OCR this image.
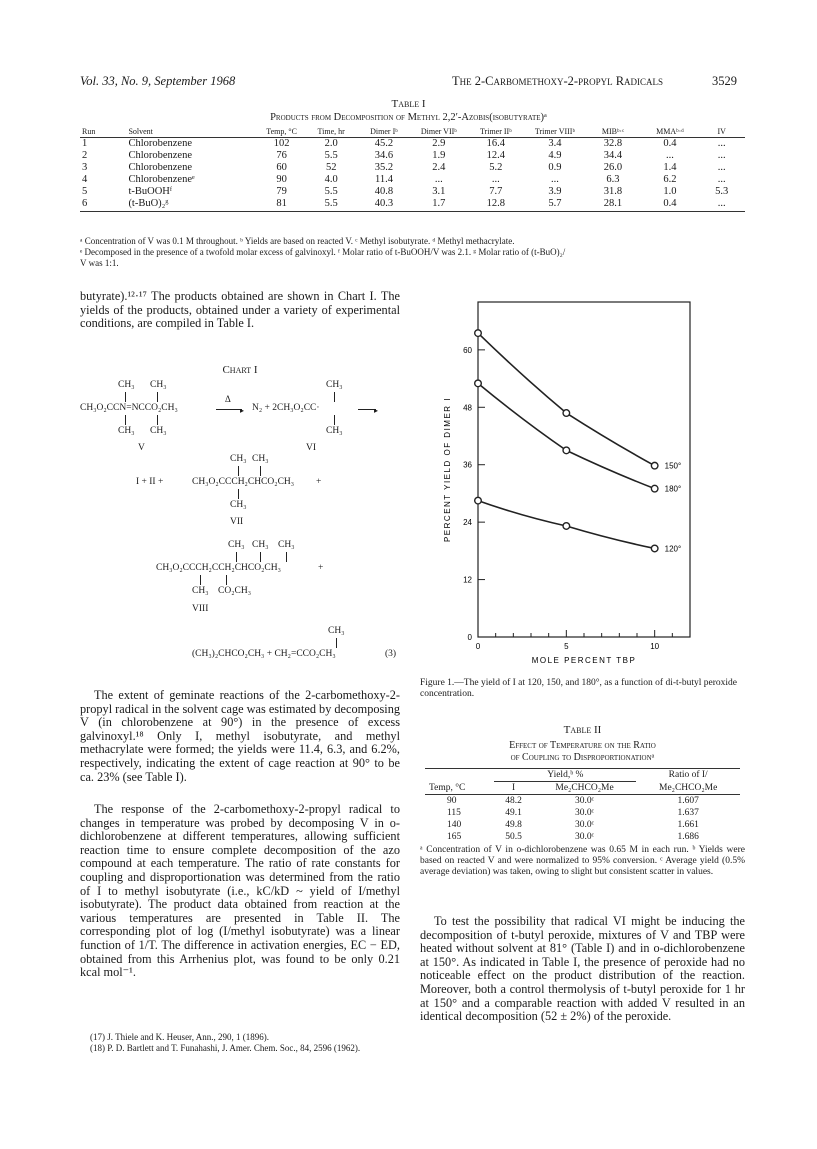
Vol. 33, No. 9, September 1968	The 2-Carbomethoxy-2-propyl Radicals	3529
Table I
Products from Decomposition of Methyl 2,2′-Azobis(isobutyrate)ᵃ
Run	Solvent	Temp, °C	Time, hr	Dimer Iᵇ	Dimer VIIᵇ	Trimer IIᵇ	Trimer VIIIᵇ	MIBᵇ·ᶜ	MMAᵇ·ᵈ	IV

1	Chlorobenzene	102	2.0	45.2	2.9	16.4	3.4	32.8	0.4	...
2	Chlorobenzene	76	5.5	34.6	1.9	12.4	4.9	34.4	...	...
3	Chlorobenzene	60	52	35.2	2.4	5.2	0.9	26.0	1.4	...
4	Chlorobenzeneᵉ	90	4.0	11.4	...	...	...	6.3	6.2	...
5	t-BuOOHᶠ	79	5.5	40.8	3.1	7.7	3.9	31.8	1.0	5.3
6	(t-BuO)₂ᵍ	81	5.5	40.3	1.7	12.8	5.7	28.1	0.4	...

ᵃ Concentration of V was 0.1 M throughout. ᵇ Yields are based on reacted V. ᶜ Methyl isobutyrate. ᵈ Methyl methacrylate.
ᵉ Decomposed in the presence of a twofold molar excess of galvinoxyl. ᶠ Molar ratio of t-BuOOH/V was 2.1. ᵍ Molar ratio of (t-BuO)₂/
V was 1:1.
butyrate).¹²·¹⁷ The products obtained are shown in Chart I. The yields of the products, obtained under a variety of experimental conditions, are compiled in Table I.
Chart I
CH₃ CH₃
CH₃O₂CCN=NCCO₂CH₃
CH₃ CH₃
V
Δ
▸ N₂ + 2CH₃O₂CC·
CH₃
CH₃
VI
▸
CH₃ CH₃
I + II +	CH₃O₂CCCH₂CHCO₂CH₃ +
CH₃
VII
CH₃ CH₃ CH₃
CH₃O₂CCCH₂CCH₂CHCO₂CH₃	+
CH₃ CO₂CH₃
VIII
CH₃
(CH₃)₂CHCO₂CH₃ + CH₂=CCO₂CH₃	(3)
The extent of geminate reactions of the 2-carbomethoxy-2-propyl radical in the solvent cage was estimated by decomposing V (in chlorobenzene at 90°) in the presence of excess galvinoxyl.¹⁸ Only I, methyl isobutyrate, and methyl methacrylate were formed; the yields were 11.4, 6.3, and 6.2%, respectively, indicating the extent of cage reaction at 90° to be ca. 23% (see Table I).
The response of the 2-carbomethoxy-2-propyl radical to changes in temperature was probed by decomposing V in o-dichlorobenzene at different temperatures, allowing sufficient reaction time to ensure complete decomposition of the azo compound at each temperature. The ratio of rate constants for coupling and disproportionation was determined from the ratio of I to methyl isobutyrate (i.e., kC/kD ~ yield of I/methyl isobutyrate). The product data obtained from reaction at the various temperatures are presented in Table II. The corresponding plot of log (I/methyl isobutyrate) was a linear function of 1/T. The difference in activation energies, EC − ED, obtained from this Arrhenius plot, was found to be only 0.21 kcal mol⁻¹.
(17) J. Thiele and K. Heuser, Ann., 290, 1 (1896).
(18) P. D. Bartlett and T. Funahashi, J. Amer. Chem. Soc., 84, 2596 (1962).
0
12
24
36
48
60
0	5	10
MOLE PERCENT TBP
PERCENT YIELD OF DIMER I	150°
180°
120°
Figure 1.—The yield of I at 120, 150, and 180°, as a function of di-t-butyl peroxide concentration.
Table II
Effect of Temperature on the Ratio
of Coupling to Disproportionationᵃ
	Yield,ᵇ %		Ratio of I/
Temp, °C	I	Me₂CHCO₂Me	Me₂CHCO₂Me
90	48.2	30.0ᶜ	1.607
115	49.1	30.0ᶜ	1.637
140	49.8	30.0ᶜ	1.661
165	50.5	30.0ᶜ	1.686
ᵃ Concentration of V in o-dichlorobenzene was 0.65 M in each run. ᵇ Yields were based on reacted V and were normalized to 95% conversion. ᶜ Average yield (0.5% average deviation) was taken, owing to slight but consistent scatter in values.
To test the possibility that radical VI might be inducing the decomposition of t-butyl peroxide, mixtures of V and TBP were heated without solvent at 81° (Table I) and in o-dichlorobenzene at 150°. As indicated in Table I, the presence of peroxide had no noticeable effect on the product distribution of the reaction. Moreover, both a control thermolysis of t-butyl peroxide for 1 hr at 150° and a comparable reaction with added V resulted in an identical decomposition (52 ± 2%) of the peroxide.
